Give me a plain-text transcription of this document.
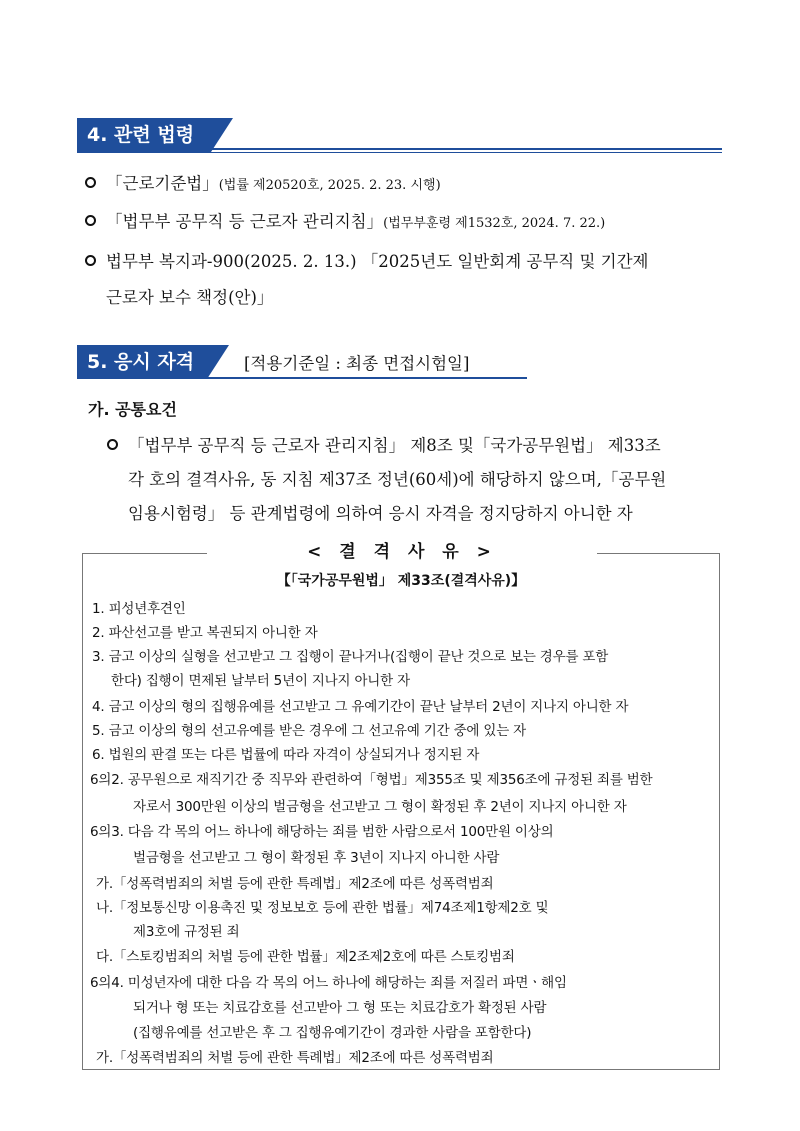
4. 관련 법령
「근로기준법」(법률 제20520호, 2025. 2. 23. 시행)
「법무부 공무직 등 근로자 관리지침」(법무부훈령 제1532호, 2024. 7. 22.)
법무부 복지과-900(2025. 2. 13.) 「2025년도 일반회계 공무직 및 기간제
근로자 보수 책정(안)」
5. 응시 자격	[적용기준일 : 최종 면접시험일]
가. 공통요건
「법무부 공무직 등 근로자 관리지침」 제8조 및「국가공무원법」 제33조
각 호의 결격사유, 동 지침 제37조 정년(60세)에 해당하지 않으며,「공무원
임용시험령」 등 관계법령에 의하여 응시 자격을 정지당하지 아니한 자
< 결 격 사 유 >
【「국가공무원법」 제33조(결격사유)】
1. 피성년후견인
2. 파산선고를 받고 복권되지 아니한 자
3. 금고 이상의 실형을 선고받고 그 집행이 끝나거나(집행이 끝난 것으로 보는 경우를 포함
한다) 집행이 면제된 날부터 5년이 지나지 아니한 자
4. 금고 이상의 형의 집행유예를 선고받고 그 유예기간이 끝난 날부터 2년이 지나지 아니한 자
5. 금고 이상의 형의 선고유예를 받은 경우에 그 선고유예 기간 중에 있는 자
6. 법원의 판결 또는 다른 법률에 따라 자격이 상실되거나 정지된 자
6의2. 공무원으로 재직기간 중 직무와 관련하여「형법」제355조 및 제356조에 규정된 죄를 범한
자로서 300만원 이상의 벌금형을 선고받고 그 형이 확정된 후 2년이 지나지 아니한 자
6의3. 다음 각 목의 어느 하나에 해당하는 죄를 범한 사람으로서 100만원 이상의
벌금형을 선고받고 그 형이 확정된 후 3년이 지나지 아니한 사람
가.「성폭력범죄의 처벌 등에 관한 특례법」제2조에 따른 성폭력범죄
나.「정보통신망 이용촉진 및 정보보호 등에 관한 법률」제74조제1항제2호 및
제3호에 규정된 죄
다.「스토킹범죄의 처벌 등에 관한 법률」제2조제2호에 따른 스토킹범죄
6의4. 미성년자에 대한 다음 각 목의 어느 하나에 해당하는 죄를 저질러 파면ㆍ해임
되거나 형 또는 치료감호를 선고받아 그 형 또는 치료감호가 확정된 사람
(집행유예를 선고받은 후 그 집행유예기간이 경과한 사람을 포함한다)
가.「성폭력범죄의 처벌 등에 관한 특례법」제2조에 따른 성폭력범죄
